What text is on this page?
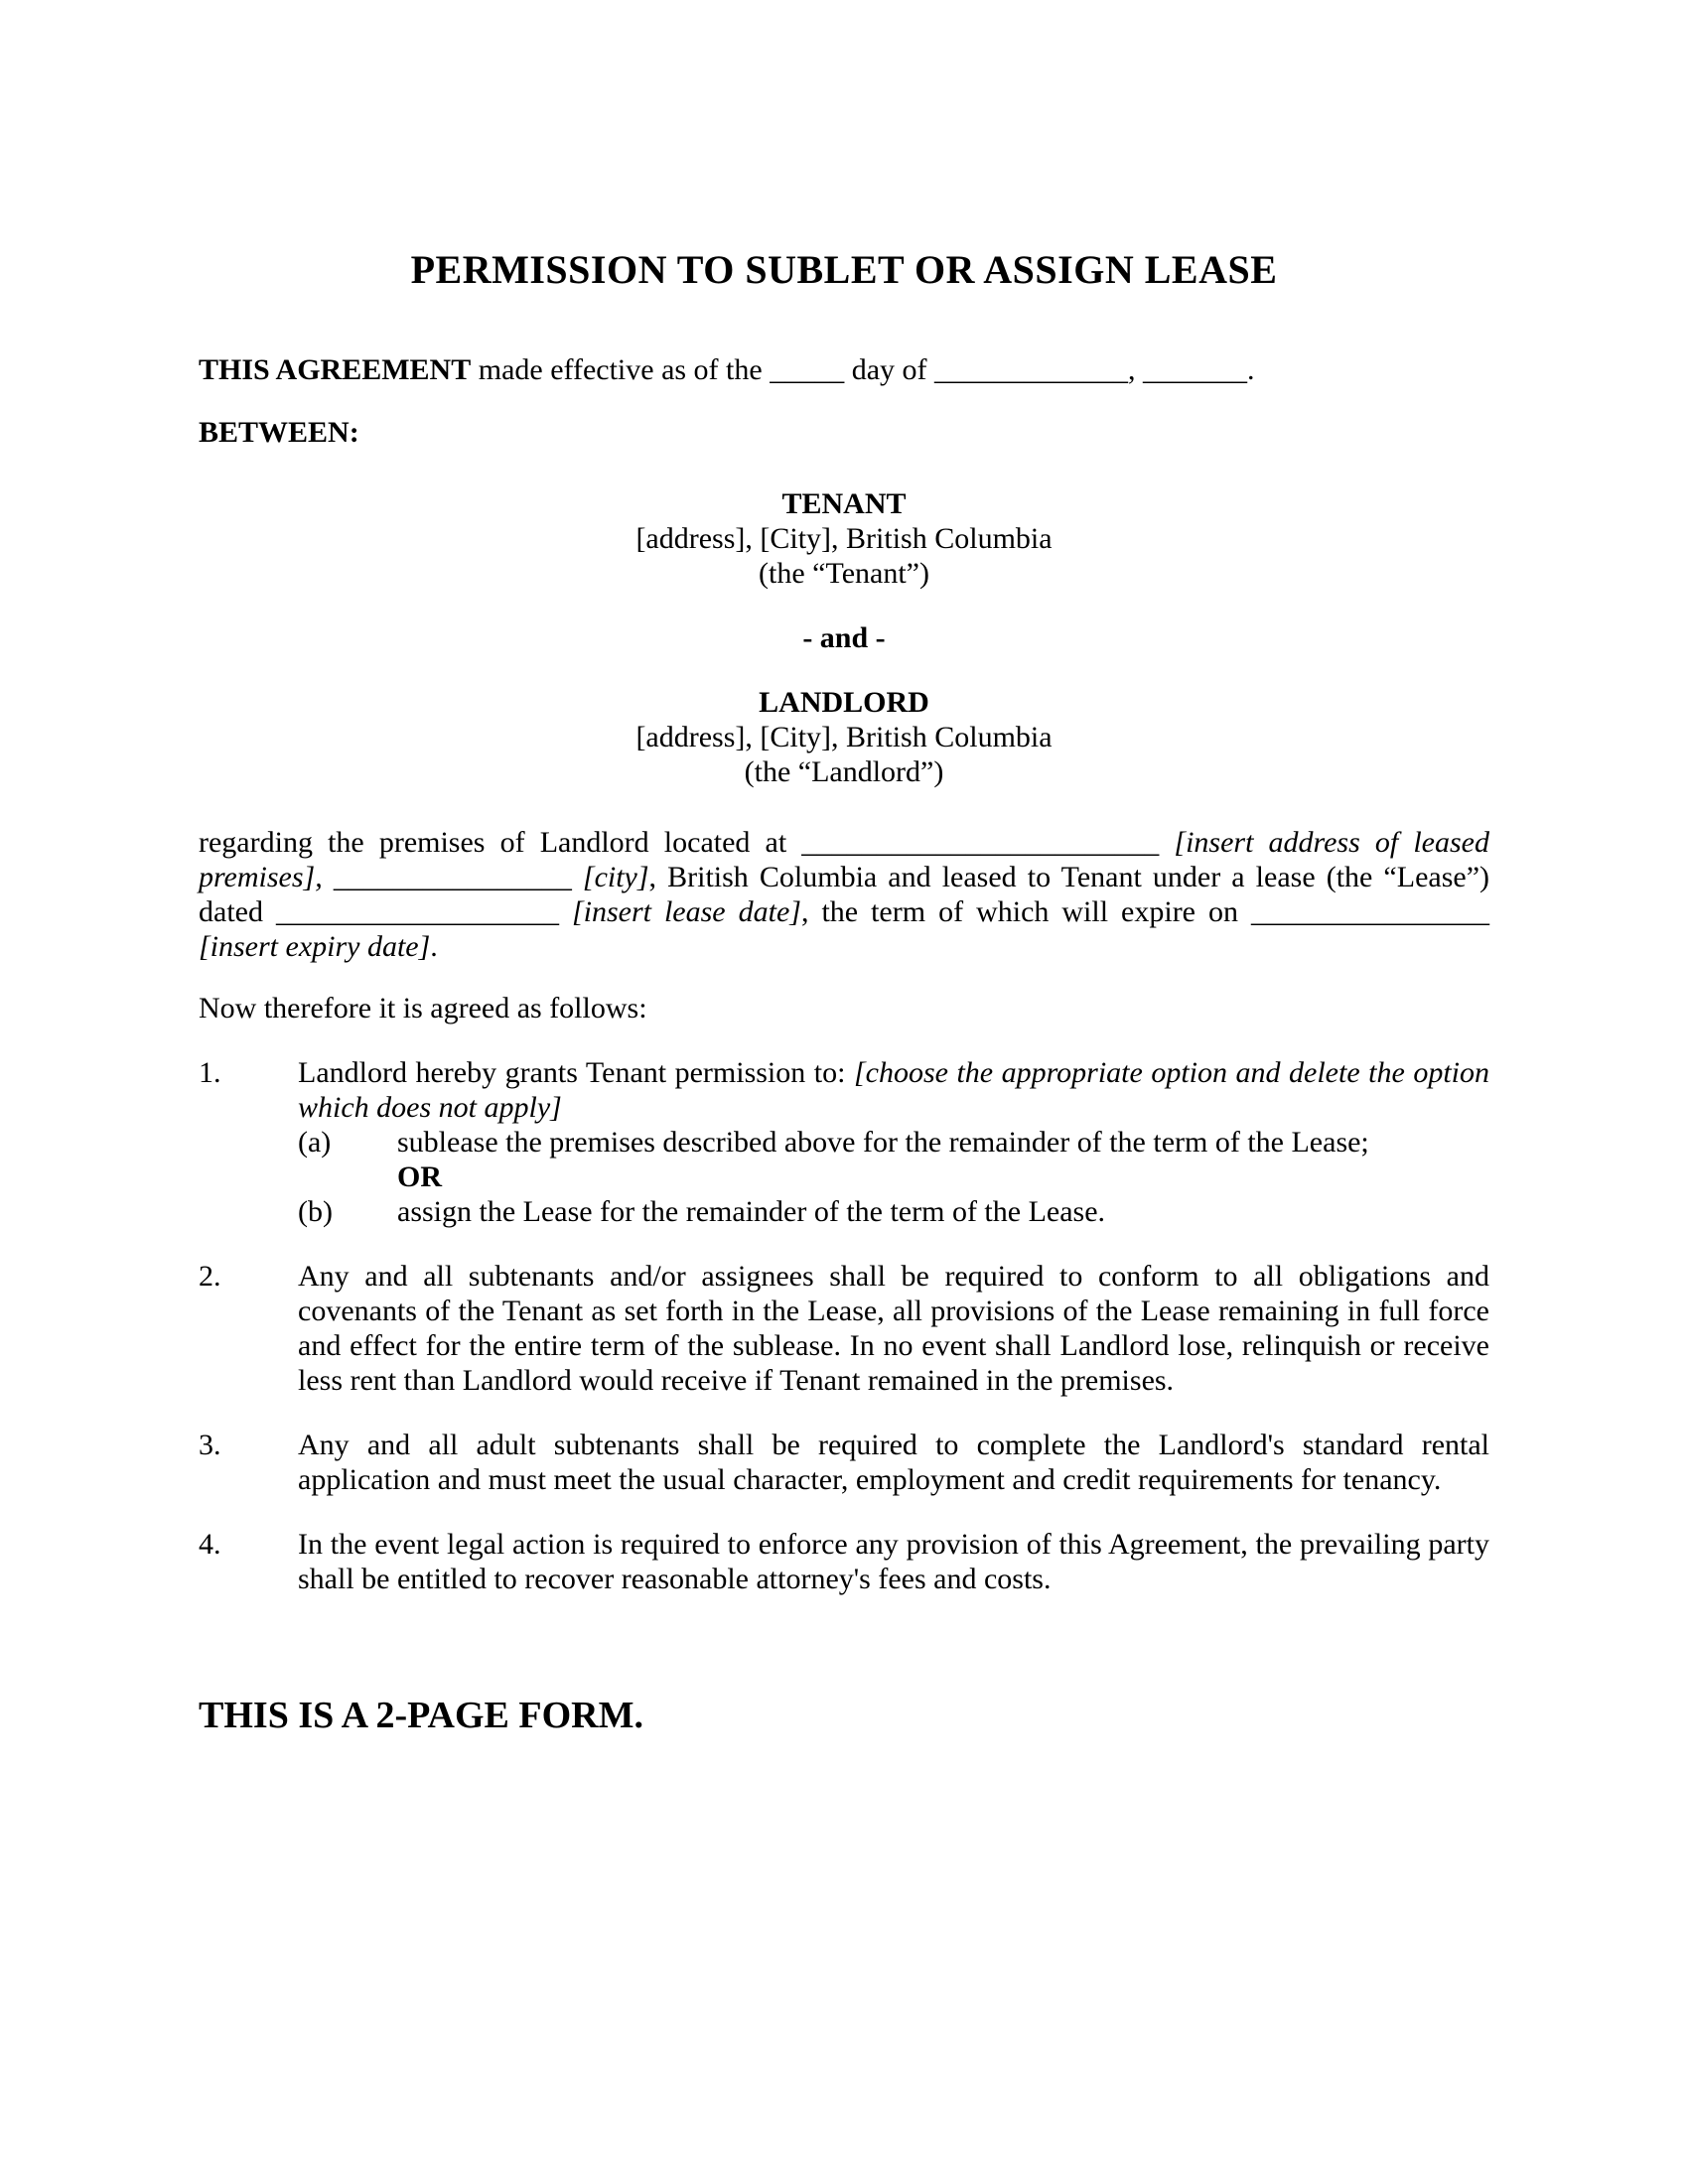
PERMISSION TO SUBLET OR ASSIGN LEASE

THIS AGREEMENT made effective as of the _____ day of _____________, _______.

BETWEEN:

TENANT
[address], [City], British Columbia
(the “Tenant”)
- and -
LANDLORD
[address], [City], British Columbia
(the “Landlord”)

regarding the premises of Landlord located at ________________________ [insert address of leased premises], ________________ [city], British Columbia and leased to Tenant under a lease (the “Lease”) dated ___________________ [insert lease date], the term of which will expire on ________________ [insert expiry date].

Now therefore it is agreed as follows:

1.	Landlord hereby grants Tenant permission to: [choose the appropriate option and delete the option which does not apply]
(a) sublease the premises described above for the remainder of the term of the Lease;
OR
(b) assign the Lease for the remainder of the term of the Lease.
2.	Any and all subtenants and/or assignees shall be required to conform to all obligations and covenants of the Tenant as set forth in the Lease, all provisions of the Lease remaining in full force and effect for the entire term of the sublease. In no event shall Landlord lose, relinquish or receive less rent than Landlord would receive if Tenant remained in the premises.
3.	Any and all adult subtenants shall be required to complete the Landlord's standard rental application and must meet the usual character, employment and credit requirements for tenancy.
4.	In the event legal action is required to enforce any provision of this Agreement, the prevailing party shall be entitled to recover reasonable attorney's fees and costs.

THIS IS A 2-PAGE FORM.
